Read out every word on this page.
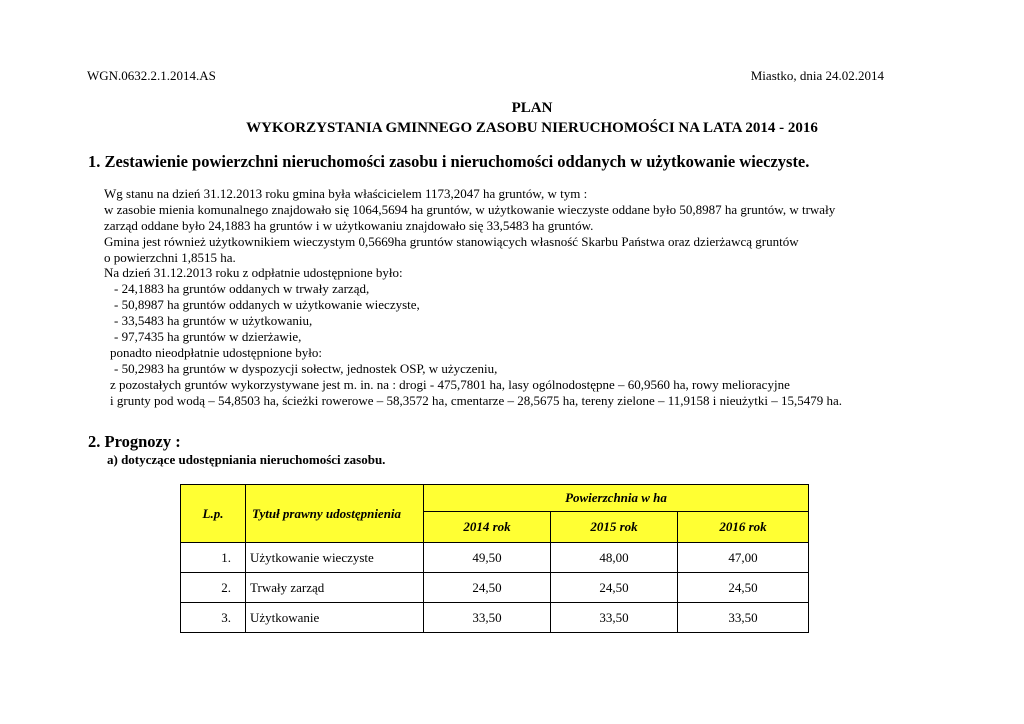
WGN.0632.2.1.2014.AS	Miastko, dnia 24.02.2014
PLAN
WYKORZYSTANIA GMINNEGO ZASOBU NIERUCHOMOŚCI NA LATA 2014 - 2016
1. Zestawienie powierzchni nieruchomości zasobu i nieruchomości oddanych w użytkowanie wieczyste.
Wg stanu na dzień 31.12.2013 roku gmina była właścicielem 1173,2047 ha gruntów, w tym :
w zasobie mienia komunalnego znajdowało się 1064,5694 ha gruntów, w użytkowanie wieczyste oddane było 50,8987 ha gruntów, w trwały
zarząd oddane było 24,1883 ha gruntów i w użytkowaniu znajdowało się 33,5483 ha gruntów.
Gmina jest również użytkownikiem wieczystym 0,5669ha gruntów stanowiących własność Skarbu Państwa oraz dzierżawcą gruntów
o powierzchni 1,8515 ha.
Na dzień 31.12.2013 roku z odpłatnie udostępnione było:
- 24,1883 ha gruntów oddanych w trwały zarząd,
- 50,8987 ha gruntów oddanych w użytkowanie wieczyste,
- 33,5483 ha gruntów w użytkowaniu,
- 97,7435 ha gruntów w dzierżawie,
ponadto nieodpłatnie udostępnione było:
- 50,2983 ha gruntów w dyspozycji sołectw, jednostek OSP, w użyczeniu,
z pozostałych gruntów wykorzystywane jest m. in. na : drogi - 475,7801 ha, lasy ogólnodostępne – 60,9560 ha, rowy melioracyjne
i grunty pod wodą – 54,8503 ha, ścieżki rowerowe – 58,3572 ha, cmentarze – 28,5675 ha, tereny zielone – 11,9158 i nieużytki – 15,5479 ha.
2. Prognozy :
a) dotyczące udostępniania nieruchomości zasobu.
L.p.	Tytuł prawny udostępnienia	Powierzchnia w ha		
		2014 rok	2015 rok	2016 rok
1.	Użytkowanie wieczyste	49,50	48,00	47,00
2.	Trwały zarząd	24,50	24,50	24,50
3.	Użytkowanie	33,50	33,50	33,50
